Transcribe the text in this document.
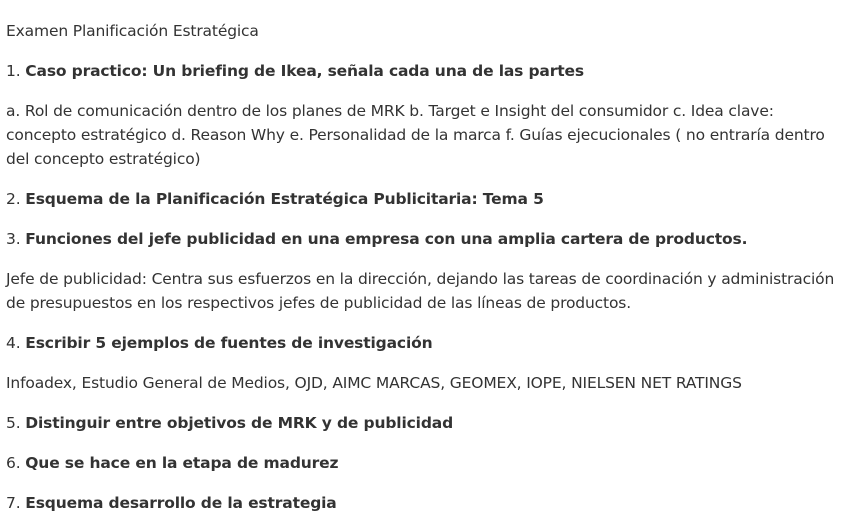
Examen Planificación Estratégica

1. Caso practico: Un briefing de Ikea, señala cada una de las partes

a. Rol de comunicación dentro de los planes de MRK b. Target e Insight del consumidor c. Idea clave: concepto estratégico d. Reason Why e. Personalidad de la marca f. Guías ejecucionales ( no entraría dentro del concepto estratégico)

2. Esquema de la Planificación Estratégica Publicitaria: Tema 5

3. Funciones del jefe publicidad en una empresa con una amplia cartera de productos.

Jefe de publicidad: Centra sus esfuerzos en la dirección, dejando las tareas de coordinación y administración de presupuestos en los respectivos jefes de publicidad de las líneas de productos.

4. Escribir 5 ejemplos de fuentes de investigación

Infoadex, Estudio General de Medios, OJD, AIMC MARCAS, GEOMEX, IOPE, NIELSEN NET RATINGS

5. Distinguir entre objetivos de MRK y de publicidad

6. Que se hace en la etapa de madurez

7. Esquema desarrollo de la estrategia
